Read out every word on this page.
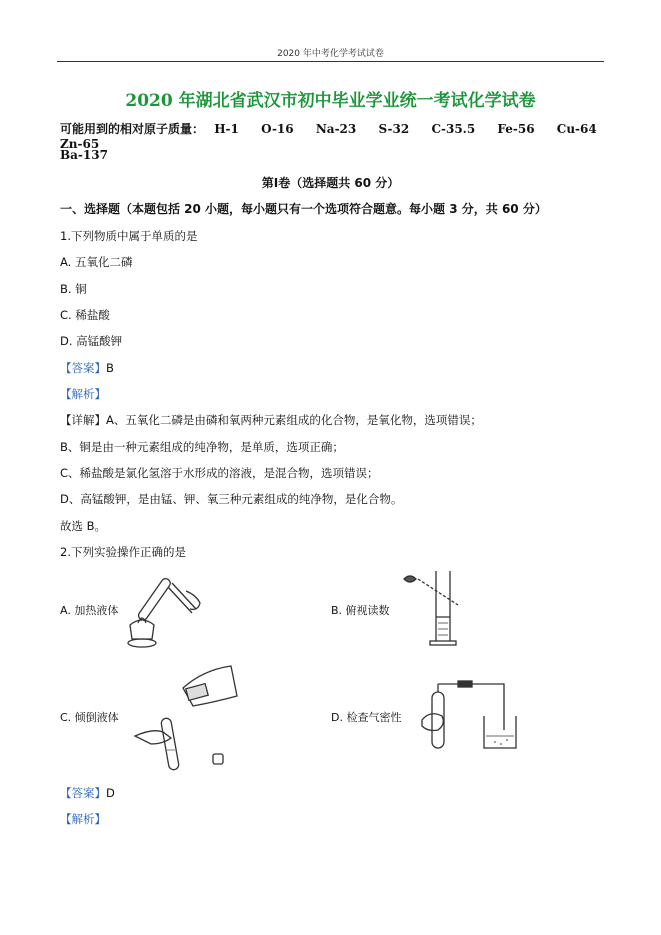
2020 年中考化学考试试卷
2020 年湖北省武汉市初中毕业学业统一考试化学试卷
可能用到的相对原子质量： H-1 O-16 Na-23 S-32 C-35.5 Fe-56 Cu-64 Zn-65
Ba-137
第Ⅰ卷（选择题共 60 分）
一、选择题（本题包括 20 小题，每小题只有一个选项符合题意。每小题 3 分，共 60 分）
1.下列物质中属于单质的是
A. 五氧化二磷
B. 铜
C. 稀盐酸
D. 高锰酸钾
【答案】B
【解析】
【详解】A、五氧化二磷是由磷和氧两种元素组成的化合物，是氧化物，选项错误；
B、铜是由一种元素组成的纯净物，是单质，选项正确；
C、稀盐酸是氯化氢溶于水形成的溶液，是混合物，选项错误；
D、高锰酸钾，是由锰、钾、氧三种元素组成的纯净物，是化合物。
故选 B。
2.下列实验操作正确的是
A. 加热液体	B. 俯视读数
C. 倾倒液体	D. 检查气密性
【答案】D
【解析】
